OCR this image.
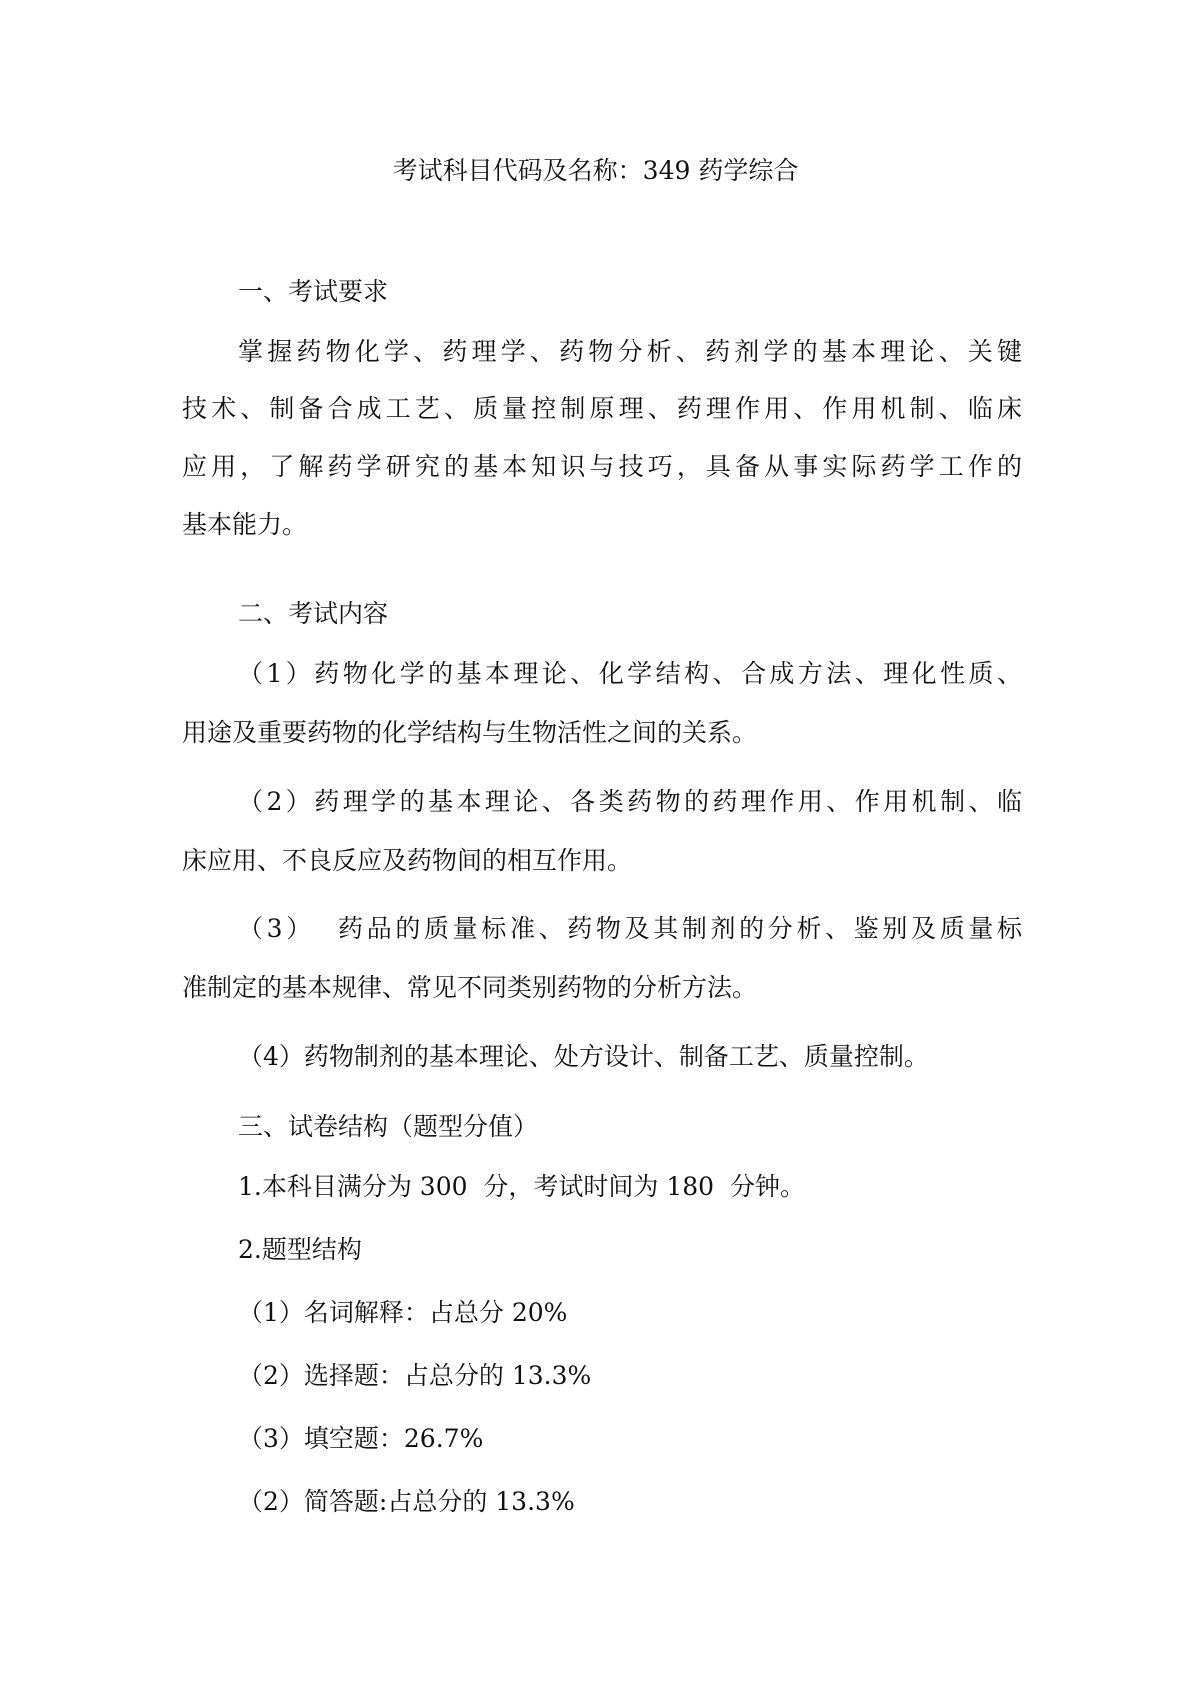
考试科目代码及名称：349 药学综合
一、考试要求
掌握药物化学、药理学、药物分析、药剂学的基本理论、关键
技术、制备合成工艺、质量控制原理、药理作用、作用机制、临床
应用，了解药学研究的基本知识与技巧，具备从事实际药学工作的
基本能力。
二、考试内容
（1）药物化学的基本理论、化学结构、合成方法、理化性质、
用途及重要药物的化学结构与生物活性之间的关系。
（2）药理学的基本理论、各类药物的药理作用、作用机制、临
床应用、不良反应及药物间的相互作用。
（3）  药品的质量标准、药物及其制剂的分析、鉴别及质量标
准制定的基本规律、常见不同类别药物的分析方法。
（4）药物制剂的基本理论、处方设计、制备工艺、质量控制。
三、试卷结构（题型分值）
1.本科目满分为 300  分，考试时间为 180  分钟。
2.题型结构
（1）名词解释：占总分 20%
（2）选择题：占总分的 13.3%
（3）填空题：26.7%
（2）简答题:占总分的 13.3%
